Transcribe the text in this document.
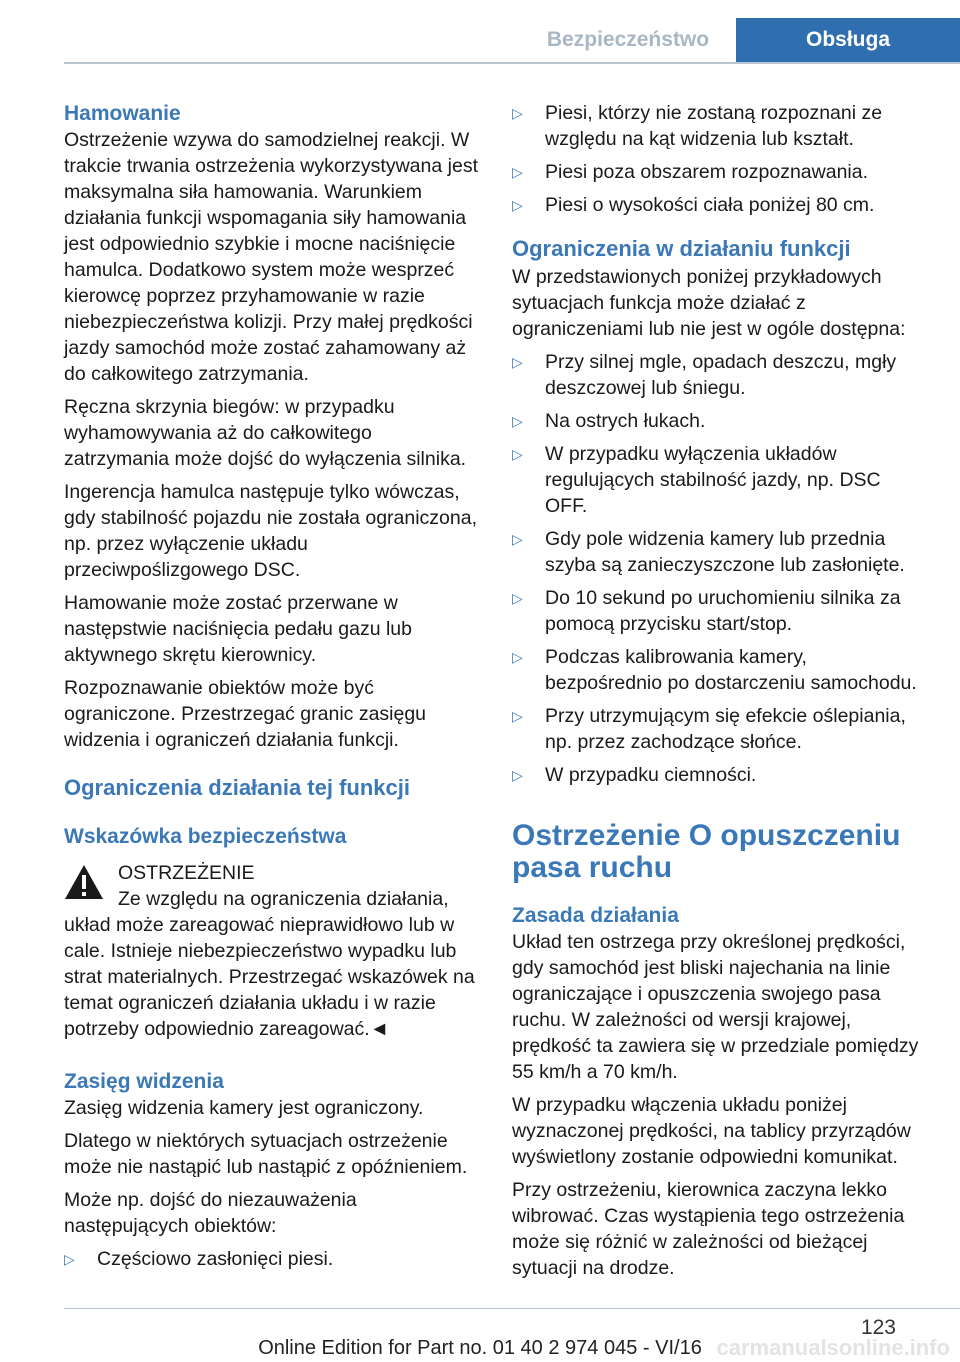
Bezpieczeństwo	Obsługa
Hamowanie

Ostrzeżenie wzywa do samodzielnej reakcji. W trakcie trwania ostrzeżenia wykorzystywana jest maksymalna siła hamowania. Warunkiem działania funkcji wspomagania siły hamowania jest odpowiednio szybkie i mocne naciśnięcie hamulca. Dodatkowo system może wesprzeć kierowcę poprzez przyhamowanie w razie niebezpieczeństwa kolizji. Przy małej prędkości jazdy samochód może zostać zahamowany aż do całkowitego zatrzymania.

Ręczna skrzynia biegów: w przypadku wyhamowywania aż do całkowitego zatrzymania może dojść do wyłączenia silnika.

Ingerencja hamulca następuje tylko wówczas, gdy stabilność pojazdu nie została ograniczona, np. przez wyłączenie układu przeciwpoślizgowego DSC.

Hamowanie może zostać przerwane w następstwie naciśnięcia pedału gazu lub aktywnego skrętu kierownicy.

Rozpoznawanie obiektów może być ograniczone. Przestrzegać granic zasięgu widzenia i ograniczeń działania funkcji.

Ograniczenia działania tej funkcji
Wskazówka bezpieczeństwa
OSTRZEŻENIE
Ze względu na ograniczenia działania, układ może zareagować nieprawidłowo lub w cale. Istnieje niebezpieczeństwo wypadku lub strat materialnych. Przestrzegać wskazówek na temat ograniczeń działania układu i w razie potrzeby odpowiednio zareagować.◄
Zasięg widzenia

Zasięg widzenia kamery jest ograniczony.

Dlatego w niektórych sytuacjach ostrzeżenie może nie nastąpić lub nastąpić z opóźnieniem.

Może np. dojść do niezauważenia następujących obiektów:

▷ Częściowo zasłonięci piesi.
▷ Piesi, którzy nie zostaną rozpoznani ze względu na kąt widzenia lub kształt.
▷ Piesi poza obszarem rozpoznawania.
▷ Piesi o wysokości ciała poniżej 80 cm.
Ograniczenia w działaniu funkcji

W przedstawionych poniżej przykładowych sytuacjach funkcja może działać z ograniczeniami lub nie jest w ogóle dostępna:

▷ Przy silnej mgle, opadach deszczu, mgły deszczowej lub śniegu.
▷ Na ostrych łukach.
▷ W przypadku wyłączenia układów regulujących stabilność jazdy, np. DSC OFF.
▷ Gdy pole widzenia kamery lub przednia szyba są zanieczyszczone lub zasłonięte.
▷ Do 10 sekund po uruchomieniu silnika za pomocą przycisku start/stop.
▷ Podczas kalibrowania kamery, bezpośrednio po dostarczeniu samochodu.
▷ Przy utrzymującym się efekcie oślepiania, np. przez zachodzące słońce.
▷ W przypadku ciemności.
Ostrzeżenie O opuszczeniu pasa ruchu
Zasada działania

Układ ten ostrzega przy określonej prędkości, gdy samochód jest bliski najechania na linie ograniczające i opuszczenia swojego pasa ruchu. W zależności od wersji krajowej, prędkość ta zawiera się w przedziale pomiędzy 55 km/h a 70 km/h.

W przypadku włączenia układu poniżej wyznaczonej prędkości, na tablicy przyrządów wyświetlony zostanie odpowiedni komunikat.

Przy ostrzeżeniu, kierownica zaczyna lekko wibrować. Czas wystąpienia tego ostrzeżenia może się różnić w zależności od bieżącej sytuacji na drodze.

123
Online Edition for Part no. 01 40 2 974 045 - VI/16 carmanualsonline.info
